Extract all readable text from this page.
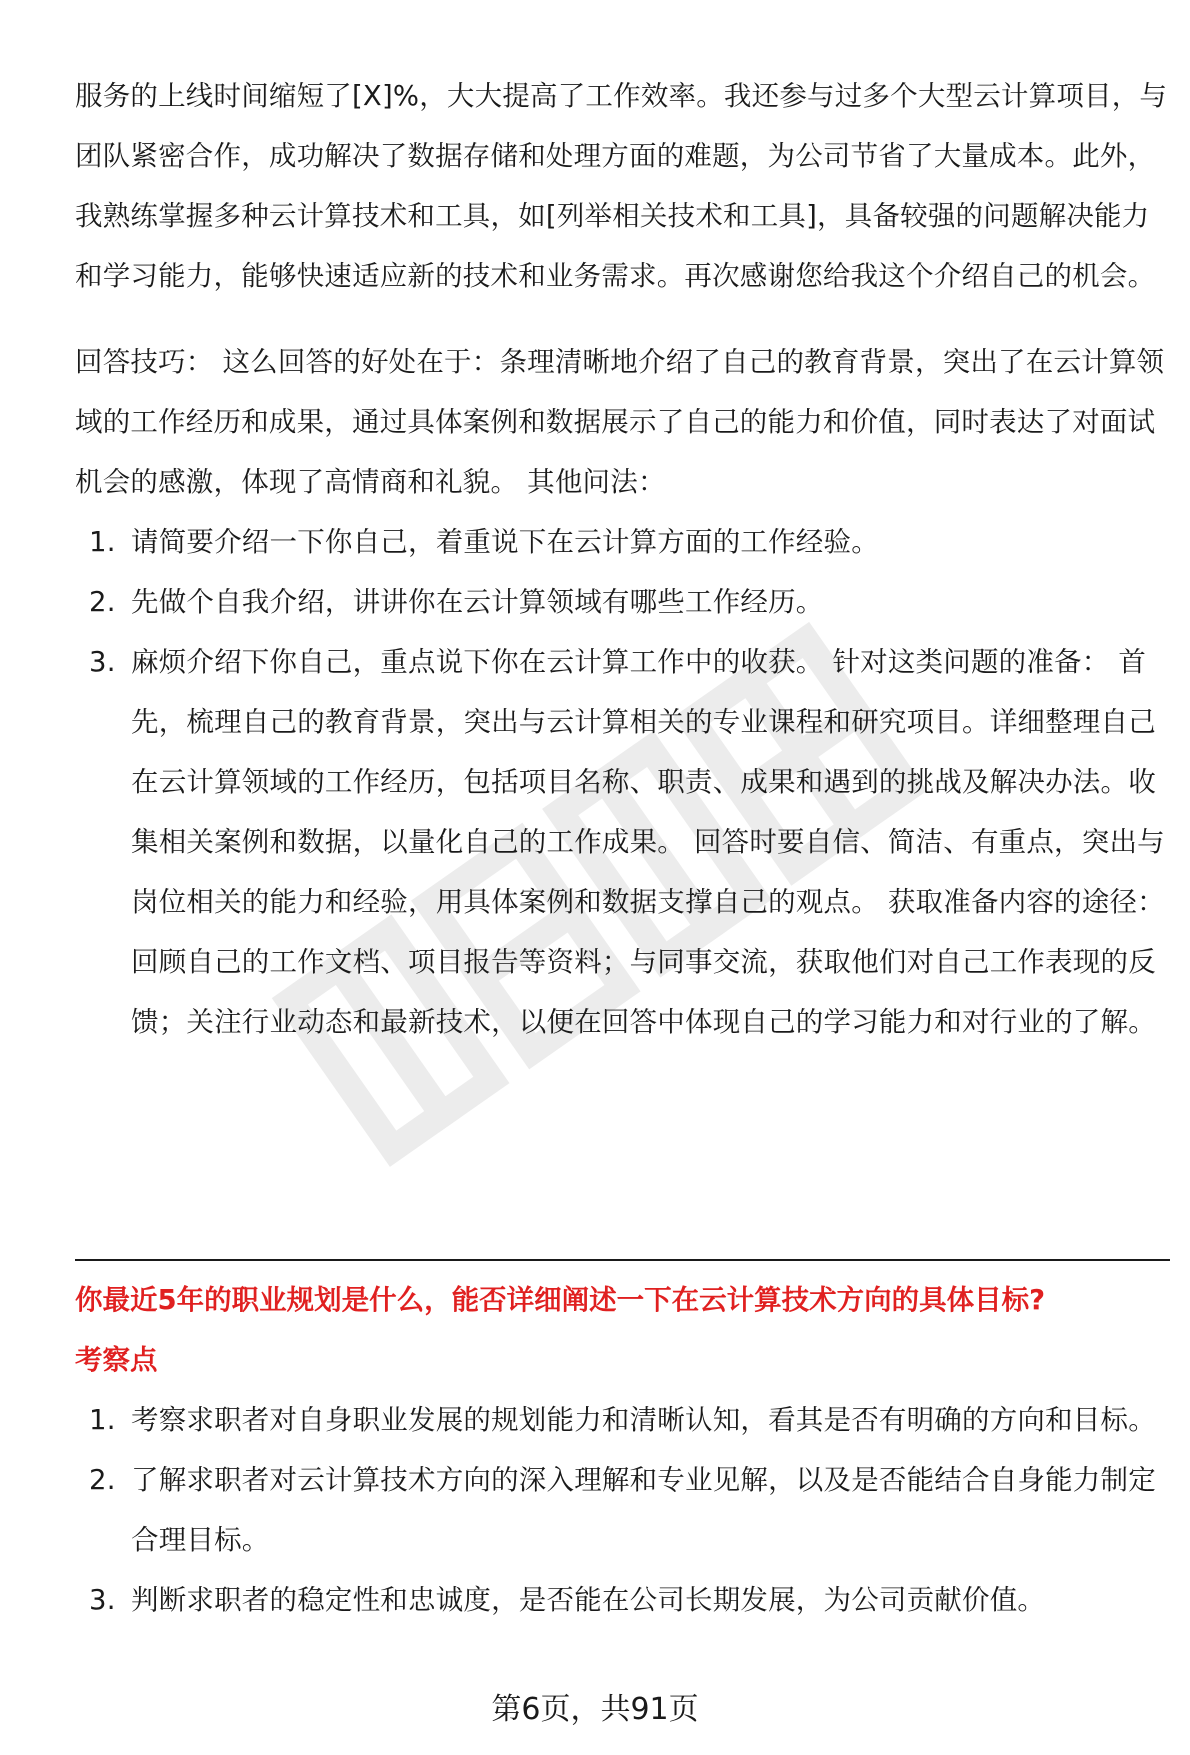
服务的上线时间缩短了[X]%，大大提高了工作效率。我还参与过多个大型云计算项目，与团队紧密合作，成功解决了数据存储和处理方面的难题，为公司节省了大量成本。此外，我熟练掌握多种云计算技术和工具，如[列举相关技术和工具]，具备较强的问题解决能力和学习能力，能够快速适应新的技术和业务需求。再次感谢您给我这个介绍自己的机会。

回答技巧： 这么回答的好处在于：条理清晰地介绍了自己的教育背景，突出了在云计算领域的工作经历和成果，通过具体案例和数据展示了自己的能力和价值，同时表达了对面试机会的感激，体现了高情商和礼貌。 其他问法：

1. 请简要介绍一下你自己，着重说下在云计算方面的工作经验。
2. 先做个自我介绍，讲讲你在云计算领域有哪些工作经历。
3. 麻烦介绍下你自己，重点说下你在云计算工作中的收获。 针对这类问题的准备： 首先，梳理自己的教育背景，突出与云计算相关的专业课程和研究项目。详细整理自己在云计算领域的工作经历，包括项目名称、职责、成果和遇到的挑战及解决办法。收集相关案例和数据，以量化自己的工作成果。 回答时要自信、简洁、有重点，突出与岗位相关的能力和经验，用具体案例和数据支撑自己的观点。 获取准备内容的途径：回顾自己的工作文档、项目报告等资料；与同事交流，获取他们对自己工作表现的反馈；关注行业动态和最新技术，以便在回答中体现自己的学习能力和对行业的了解。

你最近5年的职业规划是什么，能否详细阐述一下在云计算技术方向的具体目标?

考察点

1. 考察求职者对自身职业发展的规划能力和清晰认知，看其是否有明确的方向和目标。
2. 了解求职者对云计算技术方向的深入理解和专业见解，以及是否能结合自身能力制定合理目标。
3. 判断求职者的稳定性和忠诚度，是否能在公司长期发展，为公司贡献价值。
第6页，共91页
